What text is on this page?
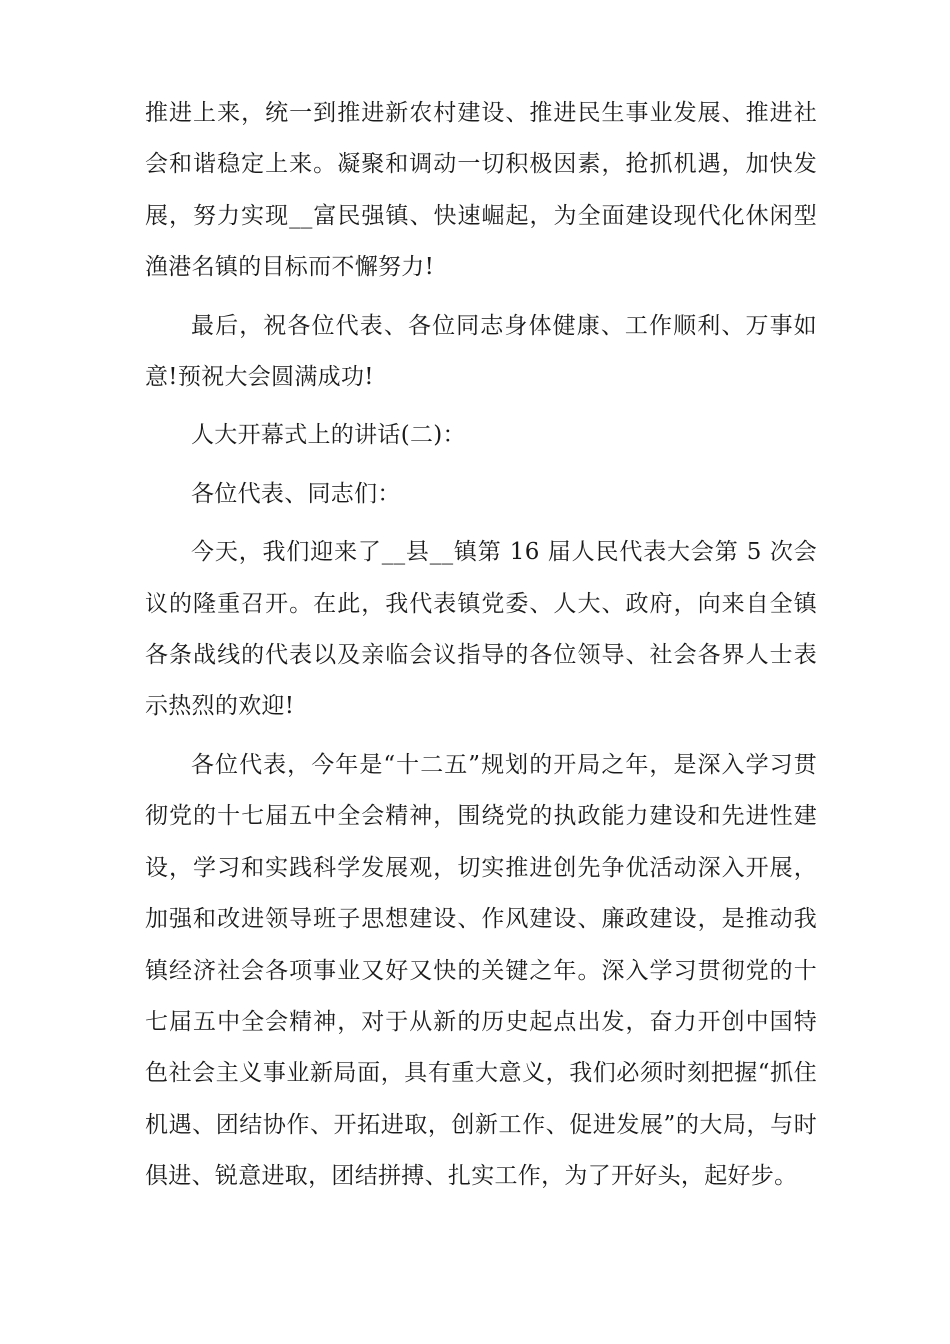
推进上来，统一到推进新农村建设、推进民生事业发展、推进社会和谐稳定上来。凝聚和调动一切积极因素，抢抓机遇，加快发展，努力实现__富民强镇、快速崛起，为全面建设现代化休闲型渔港名镇的目标而不懈努力!

最后，祝各位代表、各位同志身体健康、工作顺利、万事如意!预祝大会圆满成功!

人大开幕式上的讲话(二)：

各位代表、同志们：

今天，我们迎来了__县__镇第 16 届人民代表大会第 5 次会议的隆重召开。在此，我代表镇党委、人大、政府，向来自全镇各条战线的代表以及亲临会议指导的各位领导、社会各界人士表示热烈的欢迎!

各位代表，今年是“十二五”规划的开局之年，是深入学习贯彻党的十七届五中全会精神，围绕党的执政能力建设和先进性建设，学习和实践科学发展观，切实推进创先争优活动深入开展，加强和改进领导班子思想建设、作风建设、廉政建设，是推动我镇经济社会各项事业又好又快的关键之年。深入学习贯彻党的十七届五中全会精神，对于从新的历史起点出发，奋力开创中国特色社会主义事业新局面，具有重大意义，我们必须时刻把握“抓住机遇、团结协作、开拓进取，创新工作、促进发展”的大局，与时俱进、锐意进取，团结拼搏、扎实工作，为了开好头，起好步。
